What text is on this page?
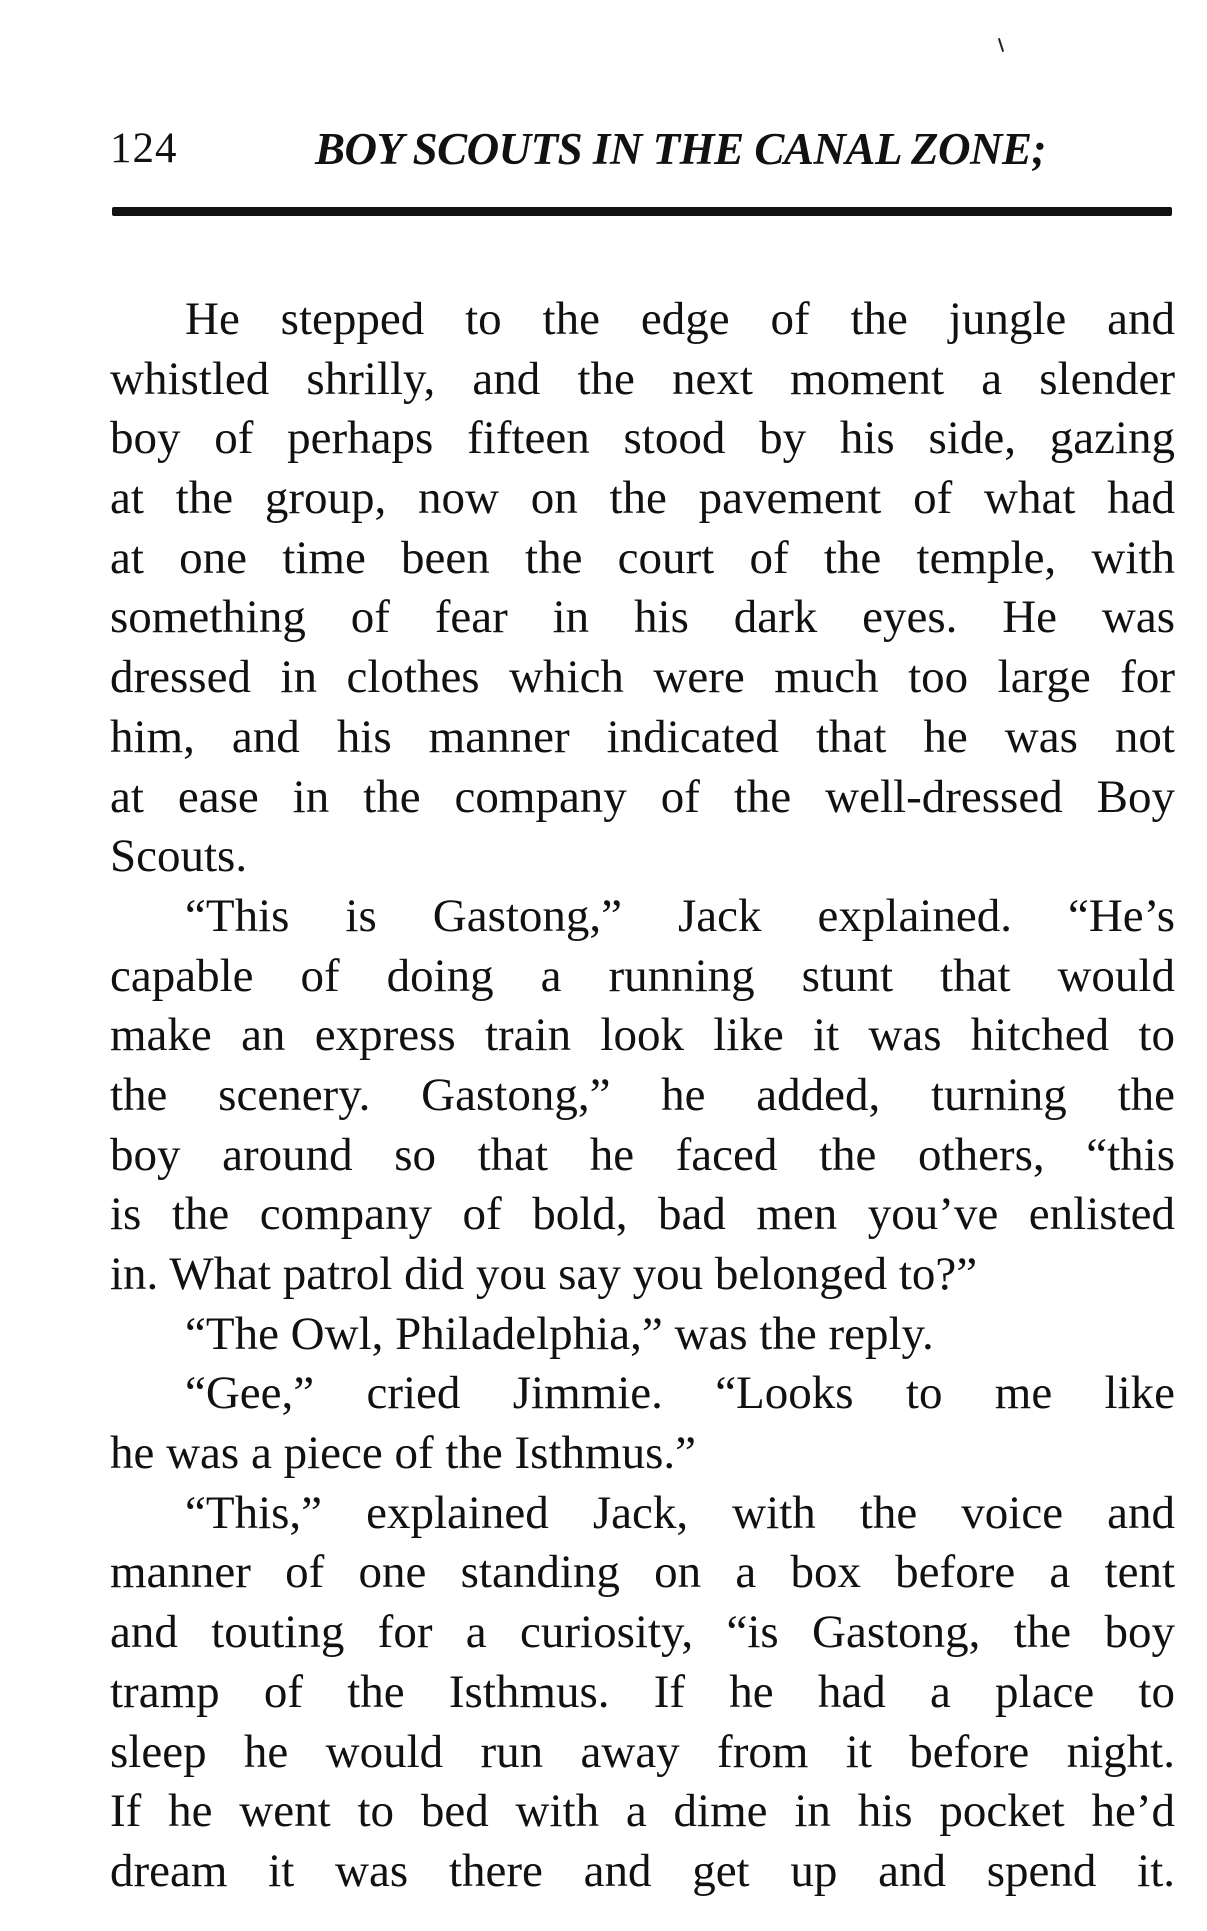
124	BOY SCOUTS IN THE CANAL ZONE;
He stepped to the edge of the jungle and
whistled shrilly, and the next moment a slender
boy of perhaps fifteen stood by his side, gazing
at the group, now on the pavement of what had
at one time been the court of the temple, with
something of fear in his dark eyes. He was
dressed in clothes which were much too large for
him, and his manner indicated that he was not
at ease in the company of the well-dressed Boy
Scouts.
“This is Gastong,” Jack explained. “He’s
capable of doing a running stunt that would
make an express train look like it was hitched to
the scenery. Gastong,” he added, turning the
boy around so that he faced the others, “this
is the company of bold, bad men you’ve enlisted
in. What patrol did you say you belonged to?”
“The Owl, Philadelphia,” was the reply.
“Gee,” cried Jimmie. “Looks to me like
he was a piece of the Isthmus.”
“This,” explained Jack, with the voice and
manner of one standing on a box before a tent
and touting for a curiosity, “is Gastong, the boy
tramp of the Isthmus. If he had a place to
sleep he would run away from it before night.
If he went to bed with a dime in his pocket he’d
dream it was there and get up and spend it.
